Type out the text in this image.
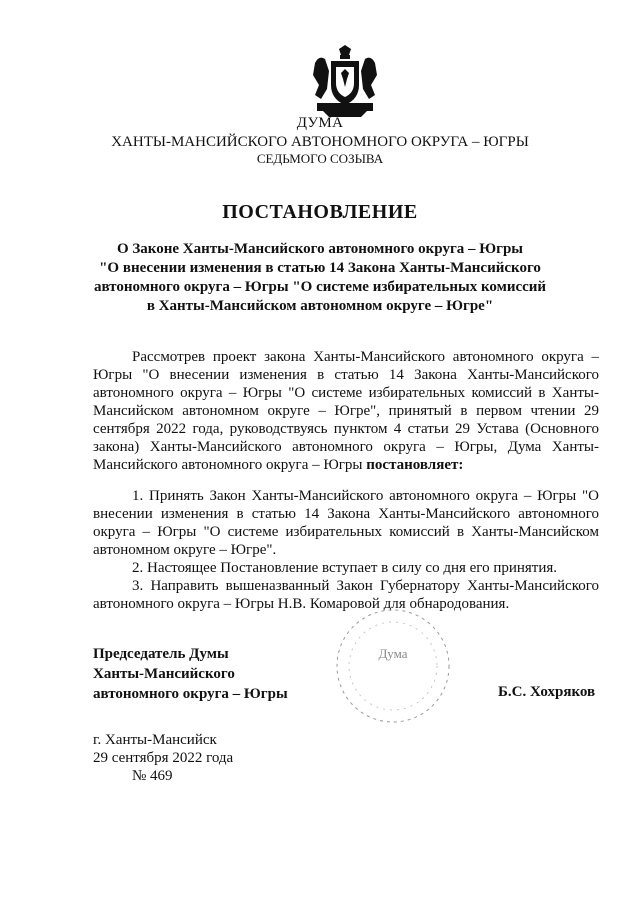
ДУМА
ХАНТЫ-МАНСИЙСКОГО АВТОНОМНОГО ОКРУГА – ЮГРЫ
СЕДЬМОГО СОЗЫВА
ПОСТАНОВЛЕНИЕ
О Законе Ханты-Мансийского автономного округа – Югры
"О внесении изменения в статью 14 Закона Ханты-Мансийского
автономного округа – Югры "О системе избирательных комиссий
в Ханты-Мансийском автономном округе – Югре"
Рассмотрев проект закона Ханты-Мансийского автономного округа – Югры "О внесении изменения в статью 14 Закона Ханты-Мансийского автономного округа – Югры "О системе избирательных комиссий в Ханты-Мансийском автономном округе – Югре", принятый в первом чтении 29 сентября 2022 года, руководствуясь пунктом 4 статьи 29 Устава (Основного закона) Ханты-Мансийского автономного округа – Югры, Дума Ханты-Мансийского автономного округа – Югры постановляет:
1. Принять Закон Ханты-Мансийского автономного округа – Югры "О внесении изменения в статью 14 Закона Ханты-Мансийского автономного округа – Югры "О системе избирательных комиссий в Ханты-Мансийском автономном округе – Югре".
2. Настоящее Постановление вступает в силу со дня его принятия.
3. Направить вышеназванный Закон Губернатору Ханты-Мансийского автономного округа – Югры Н.В. Комаровой для обнародования.
Дума
Председатель Думы
Ханты-Мансийского
автономного округа – Югры	Б.С. Хохряков
г. Ханты-Мансийск
29 сентября 2022 года
№ 469
